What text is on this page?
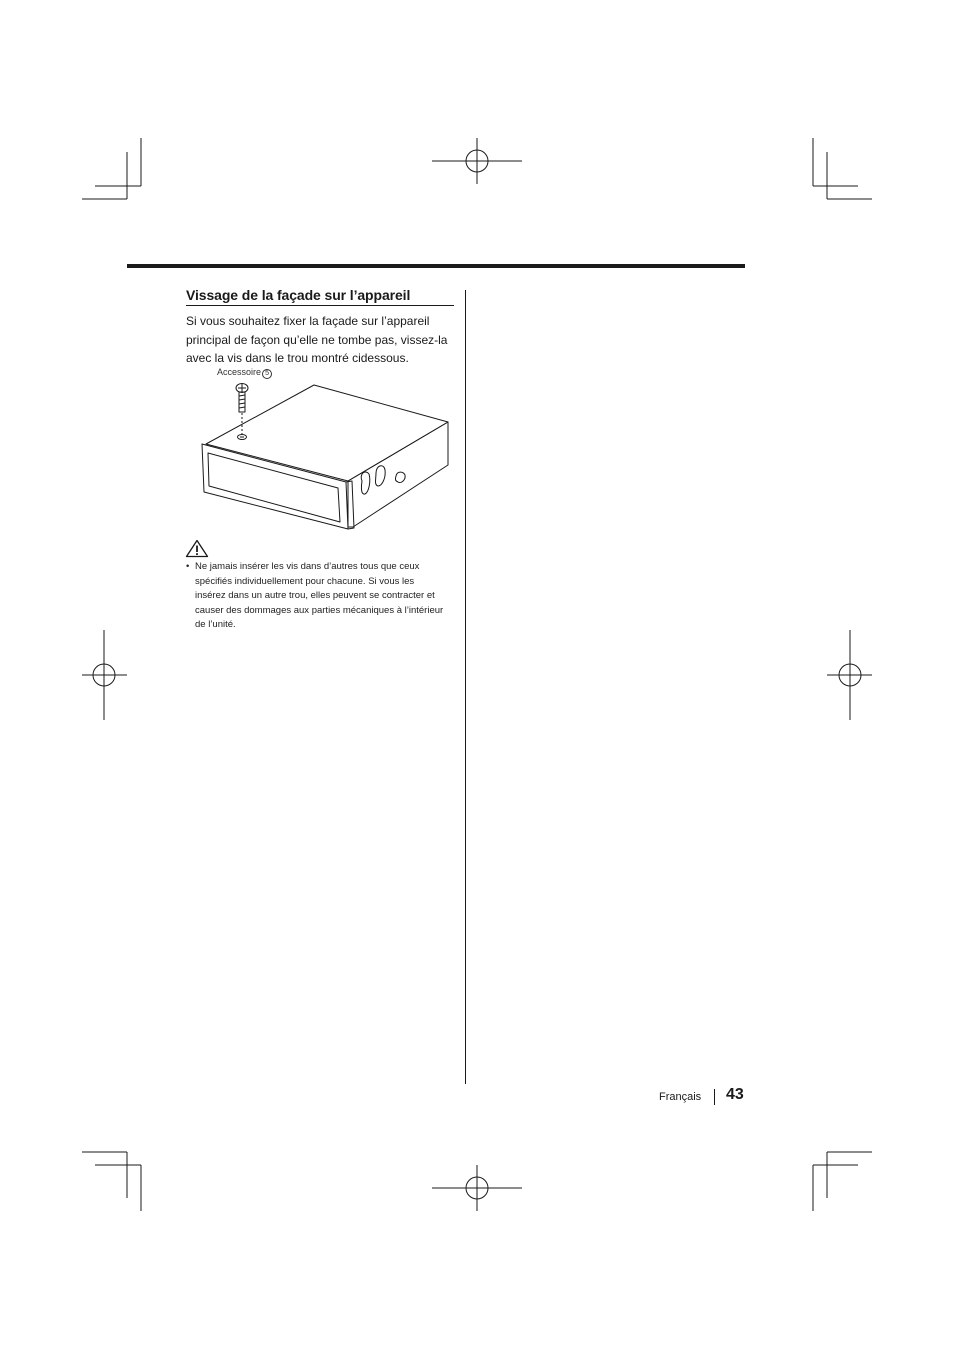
Vissage de la façade sur l’appareil

Si vous souhaitez fixer la façade sur l’appareil principal de façon qu’elle ne tombe pas, vissez-la avec la vis dans le trou montré cidessous.

Accessoire 5
• Ne jamais insérer les vis dans d’autres tous que ceux spécifiés individuellement pour chacune. Si vous les insérez dans un autre trou, elles peuvent se contracter et causer des dommages aux parties mécaniques à l’intérieur de l’unité.
Français 43
